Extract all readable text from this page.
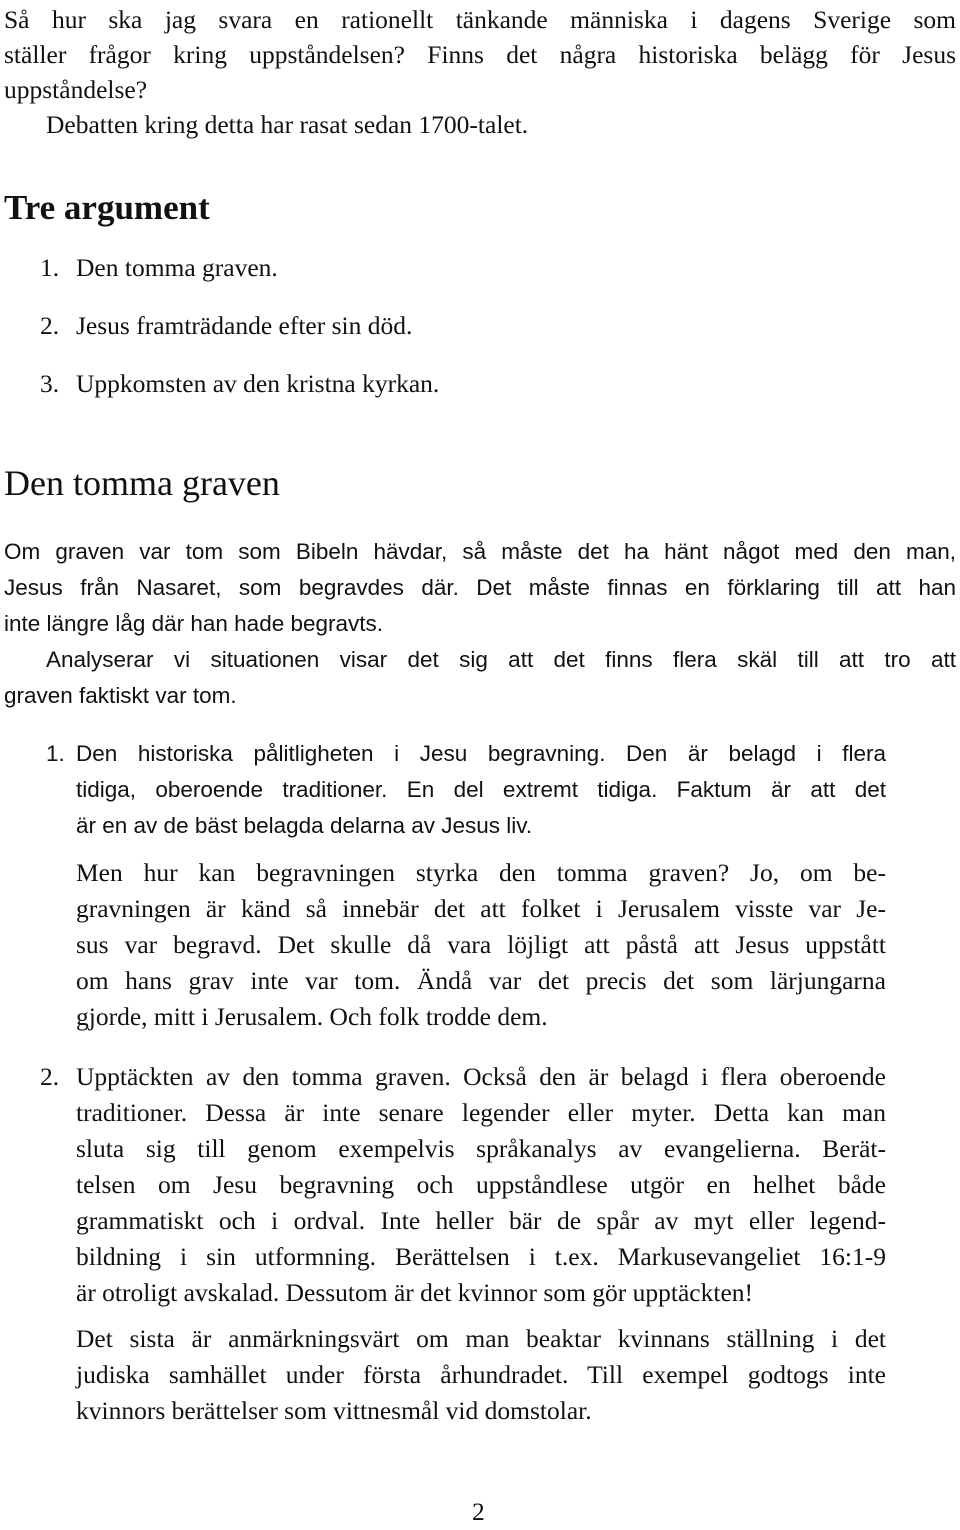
Så hur ska jag svara en rationellt tänkande människa i dagens Sverige som
ställer frågor kring uppståndelsen? Finns det några historiska belägg för Jesus
uppståndelse?
Debatten kring detta har rasat sedan 1700-talet.
Tre argument
1. Den tomma graven.
2. Jesus framträdande efter sin död.
3. Uppkomsten av den kristna kyrkan.
Den tomma graven
Om graven var tom som Bibeln hävdar, så måste det ha hänt något med den man,
Jesus från Nasaret, som begravdes där. Det måste finnas en förklaring till att han
inte längre låg där han hade begravts.
Analyserar vi situationen visar det sig att det finns flera skäl till att tro att
graven faktiskt var tom.
1. Den historiska pålitligheten i Jesu begravning. Den är belagd i flera
tidiga, oberoende traditioner. En del extremt tidiga. Faktum är att det
är en av de bäst belagda delarna av Jesus liv.
Men hur kan begravningen styrka den tomma graven? Jo, om be-
gravningen är känd så innebär det att folket i Jerusalem visste var Je-
sus var begravd. Det skulle då vara löjligt att påstå att Jesus uppstått
om hans grav inte var tom. Ändå var det precis det som lärjungarna
gjorde, mitt i Jerusalem. Och folk trodde dem.
2. Upptäckten av den tomma graven. Också den är belagd i flera oberoende
traditioner. Dessa är inte senare legender eller myter. Detta kan man
sluta sig till genom exempelvis språkanalys av evangelierna. Berät-
telsen om Jesu begravning och uppståndlese utgör en helhet både
grammatiskt och i ordval. Inte heller bär de spår av myt eller legend-
bildning i sin utformning. Berättelsen i t.ex. Markusevangeliet 16:1-9
är otroligt avskalad. Dessutom är det kvinnor som gör upptäckten!
Det sista är anmärkningsvärt om man beaktar kvinnans ställning i det
judiska samhället under första århundradet. Till exempel godtogs inte
kvinnors berättelser som vittnesmål vid domstolar.
2
